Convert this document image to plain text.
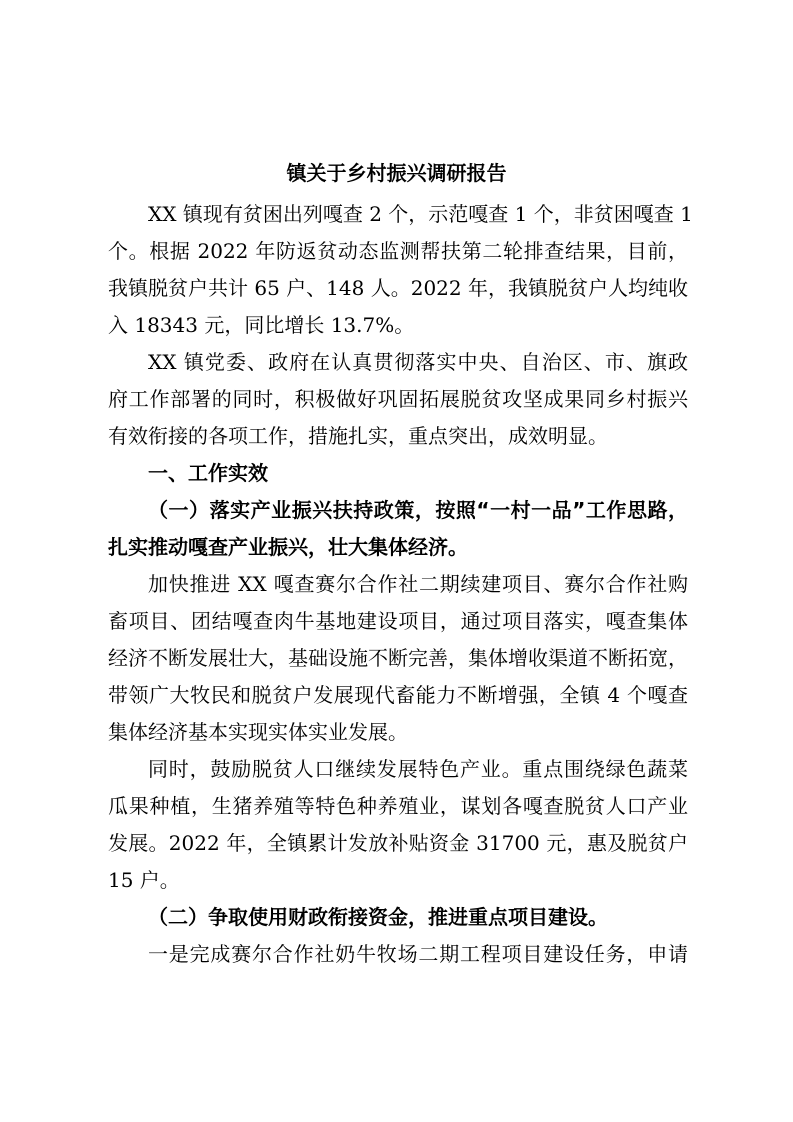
镇关于乡村振兴调研报告
XX 镇现有贫困出列嘎查 2 个，示范嘎查 1 个，非贫困嘎查 1
个。根据 2022 年防返贫动态监测帮扶第二轮排查结果，目前，
我镇脱贫户共计 65 户、148 人。2022 年，我镇脱贫户人均纯收
入 18343 元，同比增长 13.7%。
XX 镇党委、政府在认真贯彻落实中央、自治区、市、旗政
府工作部署的同时，积极做好巩固拓展脱贫攻坚成果同乡村振兴
有效衔接的各项工作，措施扎实，重点突出，成效明显。
一、工作实效
（一）落实产业振兴扶持政策，按照“一村一品”工作思路，
扎实推动嘎查产业振兴，壮大集体经济。
加快推进 XX 嘎查赛尔合作社二期续建项目、赛尔合作社购
畜项目、团结嘎查肉牛基地建设项目，通过项目落实，嘎查集体
经济不断发展壮大，基础设施不断完善，集体增收渠道不断拓宽，
带领广大牧民和脱贫户发展现代畜能力不断增强，全镇 4 个嘎查
集体经济基本实现实体实业发展。
同时，鼓励脱贫人口继续发展特色产业。重点围绕绿色蔬菜
瓜果种植，生猪养殖等特色种养殖业，谋划各嘎查脱贫人口产业
发展。2022 年，全镇累计发放补贴资金 31700 元，惠及脱贫户
15 户。
（二）争取使用财政衔接资金，推进重点项目建设。
一是完成赛尔合作社奶牛牧场二期工程项目建设任务，申请
